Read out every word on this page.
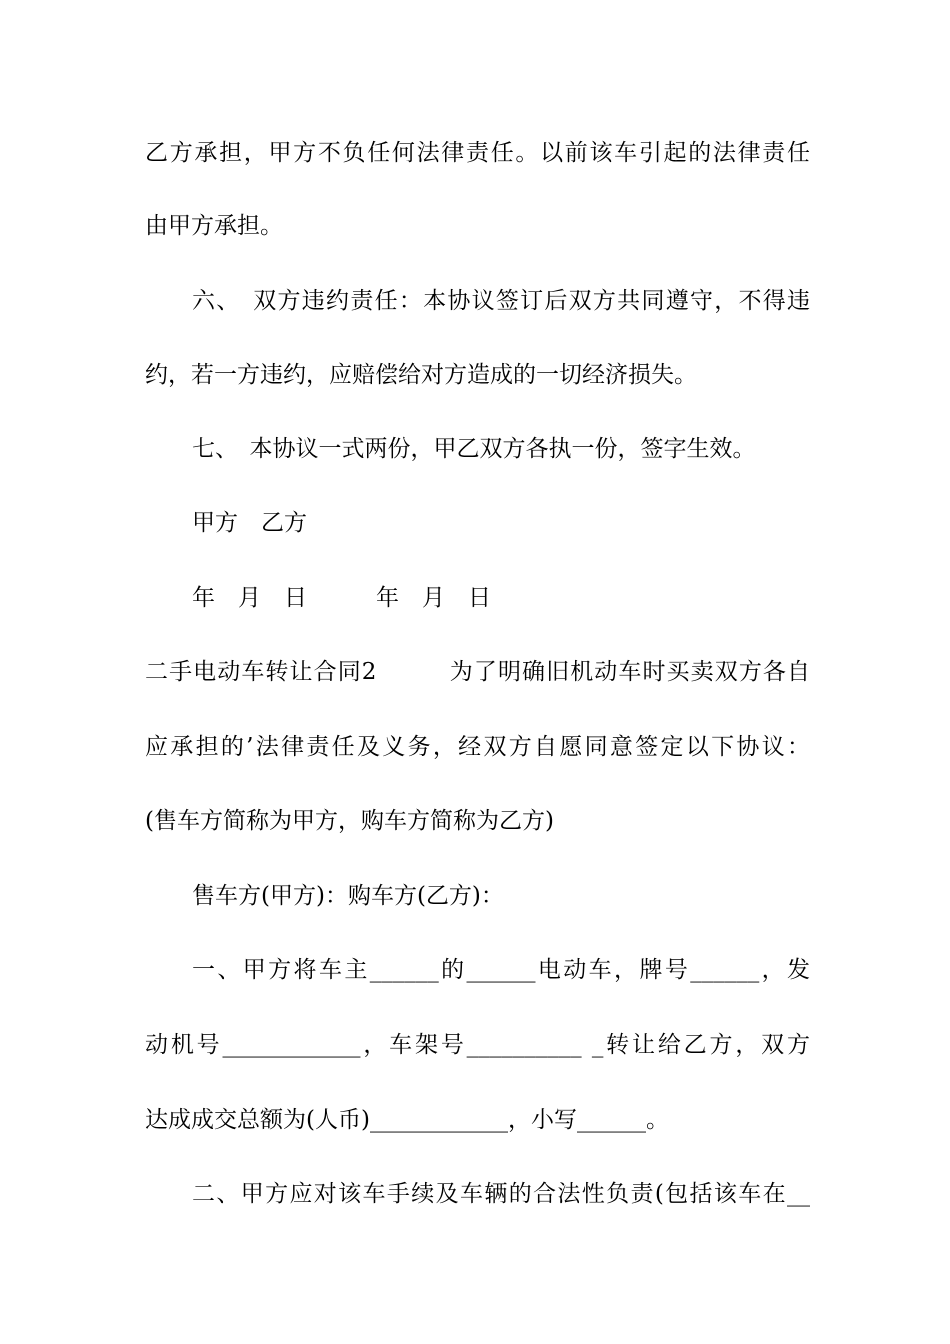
乙方承担，甲方不负任何法律责任。以前该车引起的法律责任
由甲方承担。
六、　双方违约责任：本协议签订后双方共同遵守，不得违
约，若一方违约，应赔偿给对方造成的一切经济损失。
七、　本协议一式两份，甲乙双方各执一份，签字生效。
甲方　乙方
年　月　日　　　年　月　日
二手电动车转让合同2　　　为了明确旧机动车时买卖双方各自
应承担的’法律责任及义务，经双方自愿同意签定以下协议：
(售车方简称为甲方，购车方简称为乙方)
售车方(甲方)：购车方(乙方)：
一、甲方将车主______的______电动车，牌号______，发
动机号____________，车架号__________ _转让给乙方，双方
达成成交总额为(人币)____________，小写______。
二、甲方应对该车手续及车辆的合法性负责(包括该车在__
